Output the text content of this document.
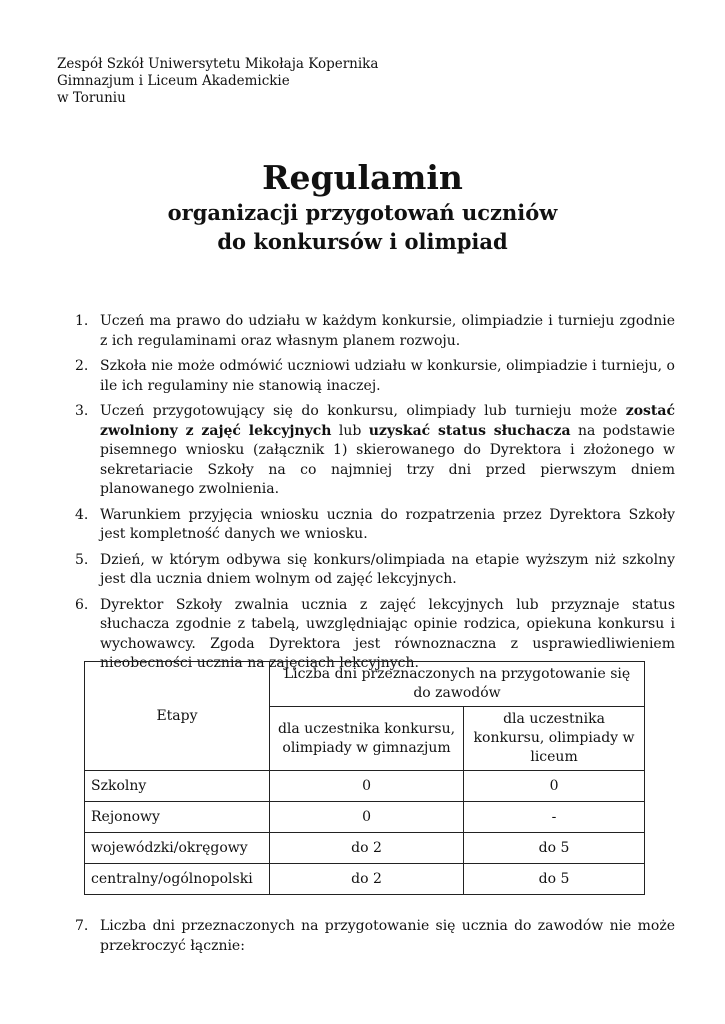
Zespół Szkół Uniwersytetu Mikołaja Kopernika
Gimnazjum i Liceum Akademickie
w Toruniu
Regulamin
organizacji przygotowań uczniów
do konkursów i olimpiad
1. Uczeń ma prawo do udziału w każdym konkursie, olimpiadzie i turnieju zgodnie z ich regulaminami oraz własnym planem rozwoju.
2. Szkoła nie może odmówić uczniowi udziału w konkursie, olimpiadzie i turnieju, o ile ich regulaminy nie stanowią inaczej.
3. Uczeń przygotowujący się do konkursu, olimpiady lub turnieju może zostać zwolniony z zajęć lekcyjnych lub uzyskać status słuchacza na podstawie pisemnego wniosku (załącznik 1) skierowanego do Dyrektora i złożonego w sekretariacie Szkoły na co najmniej trzy dni przed pierwszym dniem planowanego zwolnienia.
4. Warunkiem przyjęcia wniosku ucznia do rozpatrzenia przez Dyrektora Szkoły jest kompletność danych we wniosku.
5. Dzień, w którym odbywa się konkurs/olimpiada na etapie wyższym niż szkolny jest dla ucznia dniem wolnym od zajęć lekcyjnych.
6. Dyrektor Szkoły zwalnia ucznia z zajęć lekcyjnych lub przyznaje status słuchacza zgodnie z tabelą, uwzględniając opinie rodzica, opiekuna konkursu i wychowawcy. Zgoda Dyrektora jest równoznaczna z usprawiedliwieniem nieobecności ucznia na zajęciach lekcyjnych.
Etapy	Liczba dni przeznaczonych na przygotowanie się do zawodów	
	dla uczestnika konkursu, olimpiady w gimnazjum	dla uczestnika konkursu, olimpiady w liceum
Szkolny	0	0
Rejonowy	0	-
wojewódzki/okręgowy	do 2	do 5
centralny/ogólnopolski	do 2	do 5
7. Liczba dni przeznaczonych na przygotowanie się ucznia do zawodów nie może przekroczyć łącznie:
